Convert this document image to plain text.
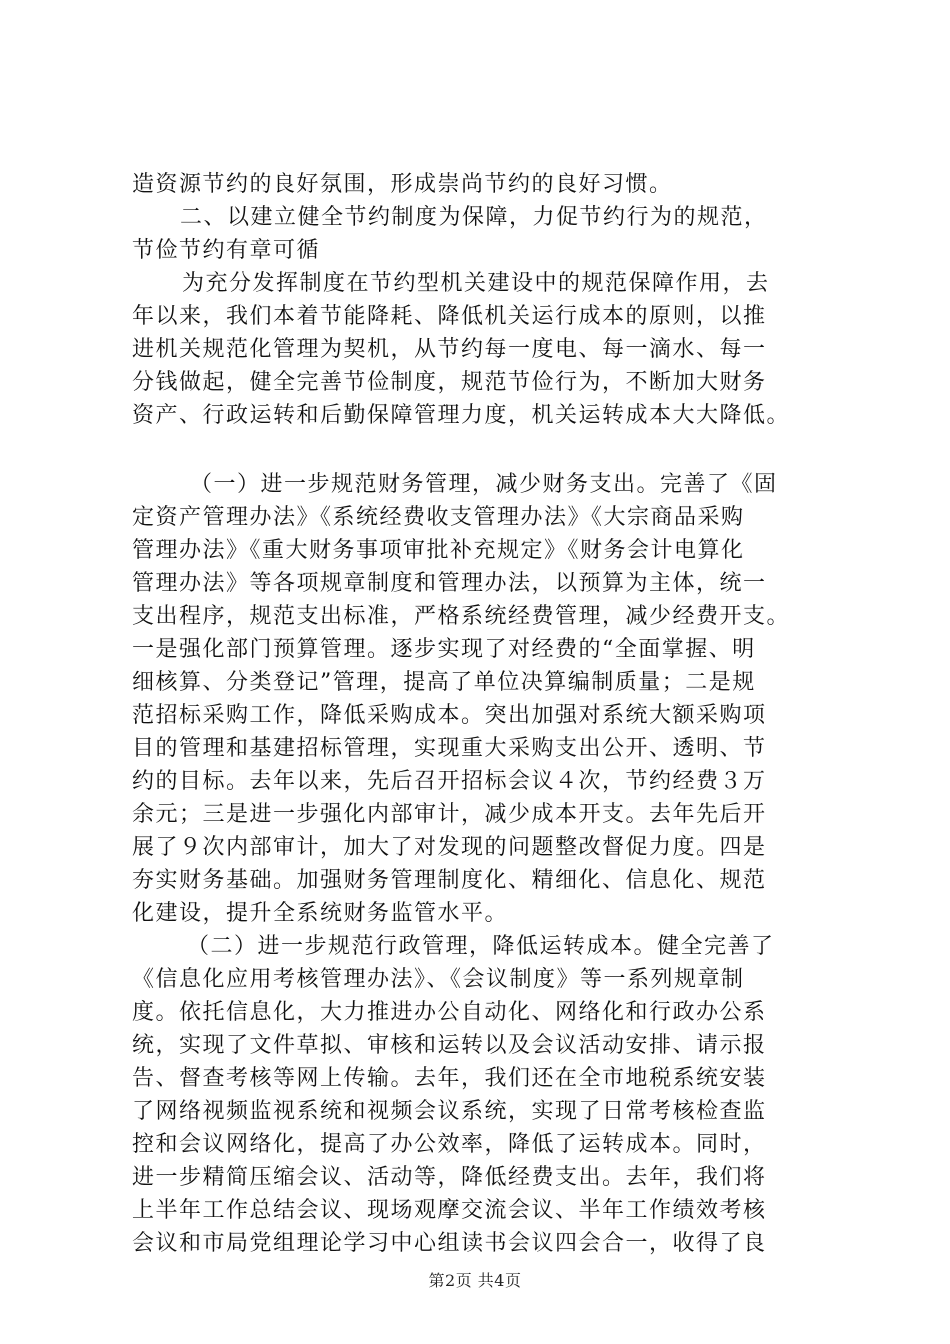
造资源节约的良好氛围，形成崇尚节约的良好习惯。
二、以建立健全节约制度为保障，力促节约行为的规范，
节俭节约有章可循
为充分发挥制度在节约型机关建设中的规范保障作用，去
年以来，我们本着节能降耗、降低机关运行成本的原则，以推
进机关规范化管理为契机，从节约每一度电、每一滴水、每一
分钱做起，健全完善节俭制度，规范节俭行为，不断加大财务
资产、行政运转和后勤保障管理力度，机关运转成本大大降低。
（一）进一步规范财务管理，减少财务支出。完善了《固
定资产管理办法》《系统经费收支管理办法》《大宗商品采购
管理办法》《重大财务事项审批补充规定》《财务会计电算化
管理办法》等各项规章制度和管理办法，以预算为主体，统一
支出程序，规范支出标准，严格系统经费管理，减少经费开支。
一是强化部门预算管理。逐步实现了对经费的“全面掌握、明
细核算、分类登记”管理，提高了单位决算编制质量；二是规
范招标采购工作，降低采购成本。突出加强对系统大额采购项
目的管理和基建招标管理，实现重大采购支出公开、透明、节
约的目标。去年以来，先后召开招标会议４次，节约经费３万
余元；三是进一步强化内部审计，减少成本开支。去年先后开
展了９次内部审计，加大了对发现的问题整改督促力度。四是
夯实财务基础。加强财务管理制度化、精细化、信息化、规范
化建设，提升全系统财务监管水平。
（二）进一步规范行政管理，降低运转成本。健全完善了
《信息化应用考核管理办法》、《会议制度》等一系列规章制
度。依托信息化，大力推进办公自动化、网络化和行政办公系
统，实现了文件草拟、审核和运转以及会议活动安排、请示报
告、督查考核等网上传输。去年，我们还在全市地税系统安装
了网络视频监视系统和视频会议系统，实现了日常考核检查监
控和会议网络化，提高了办公效率，降低了运转成本。同时，
进一步精简压缩会议、活动等，降低经费支出。去年，我们将
上半年工作总结会议、现场观摩交流会议、半年工作绩效考核
会议和市局党组理论学习中心组读书会议四会合一，收得了良
第2页 共4页
